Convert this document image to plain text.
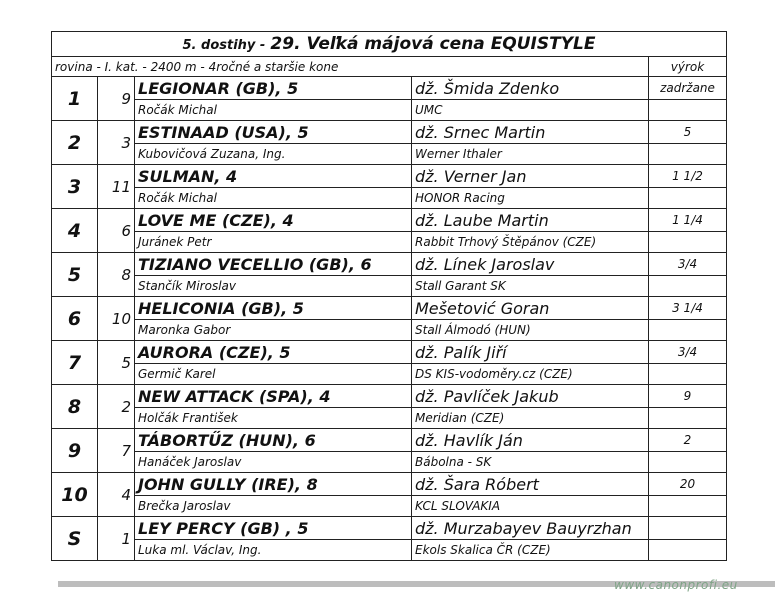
5. dostihy - 29. Veľká májová cena EQUISTYLE				
rovina - I. kat. - 2400 m - 4ročné a staršie kone				výrok
1	9	LEGIONAR (GB), 5	dž. Šmida Zdenko	zadržane
		Ročák Michal	UMC	
2	3	ESTINAAD (USA), 5	dž. Srnec Martin	5
		Kubovičová Zuzana, Ing.	Werner Ithaler	
3	11	SULMAN, 4	dž. Verner Jan	1 1/2
		Ročák Michal	HONOR Racing	
4	6	LOVE ME (CZE), 4	dž. Laube Martin	1 1/4
		Juránek Petr	Rabbit Trhový Štěpánov (CZE)	
5	8	TIZIANO VECELLIO (GB), 6	dž. Línek Jaroslav	3/4
		Stančík Miroslav	Stall Garant SK	
6	10	HELICONIA (GB), 5	Mešetović Goran	3 1/4
		Maronka Gabor	Stall Álmodó (HUN)	
7	5	AURORA (CZE), 5	dž. Palík Jiří	3/4
		Germič Karel	DS KIS-vodoměry.cz (CZE)	
8	2	NEW ATTACK (SPA), 4	dž. Pavlíček Jakub	9
		Holčák František	Meridian (CZE)	
9	7	TÁBORTŰZ (HUN), 6	dž. Havlík Ján	2
		Hanáček Jaroslav	Bábolna - SK	
10	4	JOHN GULLY (IRE), 8	dž. Šara Róbert	20
		Brečka Jaroslav	KCL SLOVAKIA	
S	1	LEY PERCY (GB) , 5	dž. Murzabayev Bauyrzhan	
		Luka ml. Václav, Ing.	Ekols Skalica ČR (CZE)	
www.canonprofi.eu
